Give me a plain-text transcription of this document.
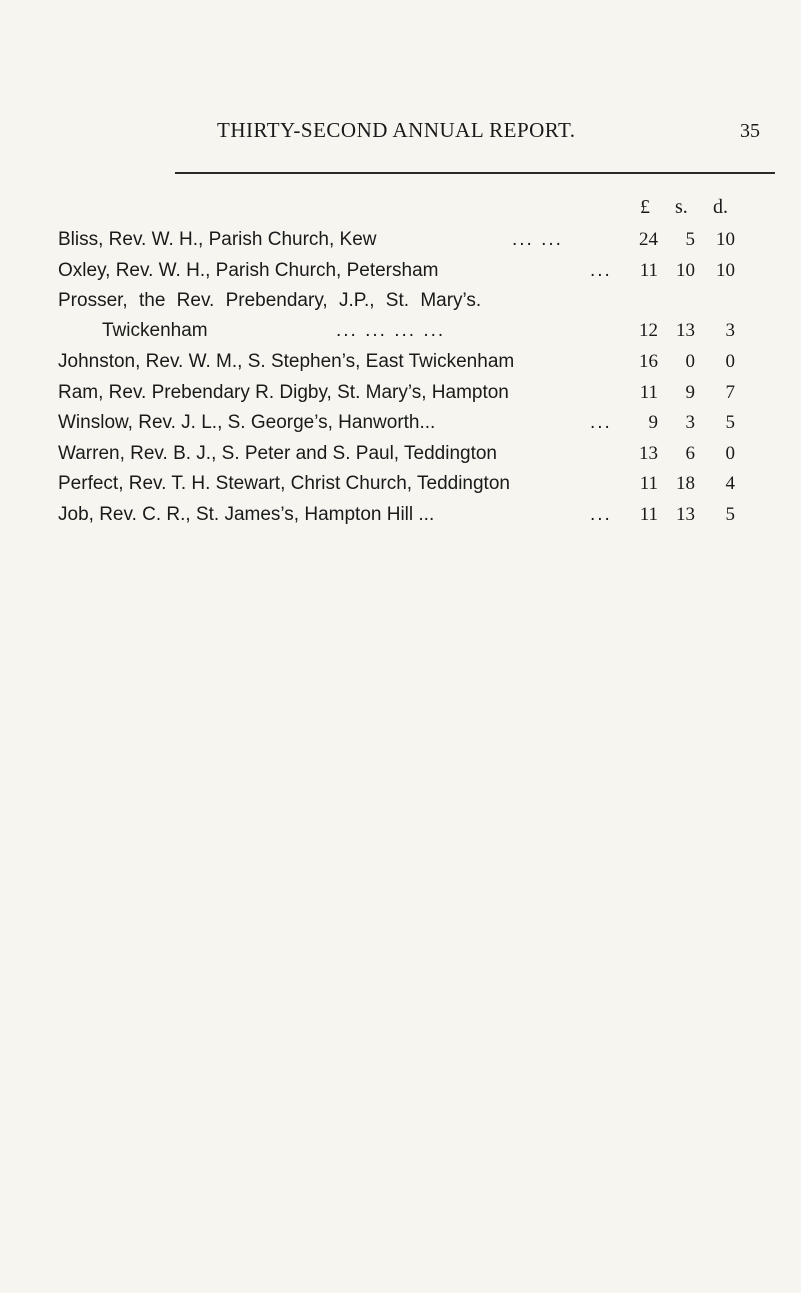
THIRTY-SECOND ANNUAL REPORT.	35
£ s. d.
Bliss, Rev. W. H., Parish Church, Kew	... ...	24	5	10
Oxley, Rev. W. H., Parish Church, Petersham	...	11 10	10
Prosser, the Rev. Prebendary, J.P., St. Mary’s.
Twickenham	... ... ... ...	12 13	3
Johnston, Rev. W. M., S. Stephen’s, East Twickenham	16	0	0
Ram, Rev. Prebendary R. Digby, St. Mary’s, Hampton	11	9	7
Winslow, Rev. J. L., S. George’s, Hanworth...	...	9	3	5
Warren, Rev. B. J., S. Peter and S. Paul, Teddington	13	6	0
Perfect, Rev. T. H. Stewart, Christ Church, Teddington	11 18	4
Job, Rev. C. R., St. James’s, Hampton Hill ...	...	11 13	5
